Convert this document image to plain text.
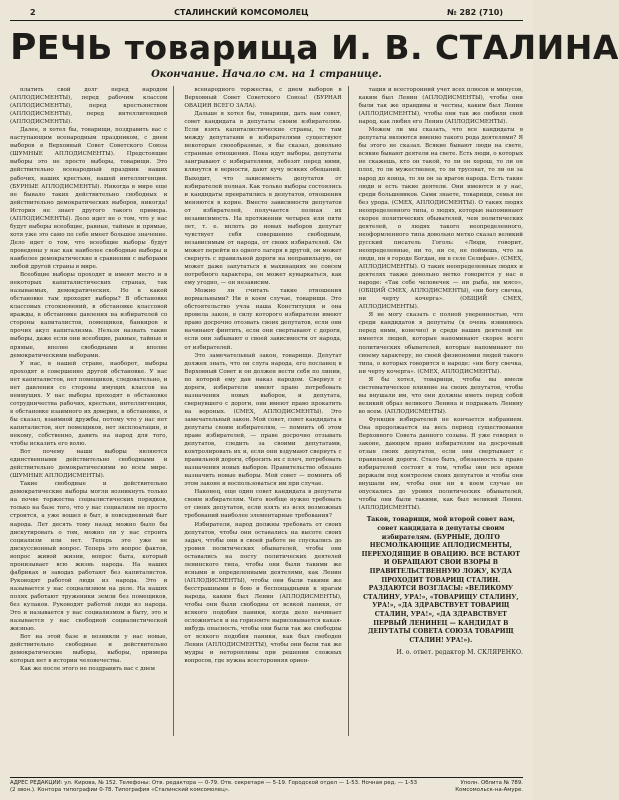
2	СТАЛИНСКИЙ КОМСОМОЛЕЦ	№ 282 (710)
РЕЧЬ товарища И. В. СТАЛИНА
Окончание. Начало см. на 1 странице.

платить свой долг перед народом (АПЛОДИСМЕНТЫ), перед рабочим классом (АПЛОДИСМЕНТЫ), перед крестьянством (АПЛОДИСМЕНТЫ), перед интеллигенцией (АПЛОДИСМЕНТЫ).

Далее, я хотел бы, товарищи, поздравить вас с наступающим всенародным праздником, с днем выборов в Верховный Совет Советского Союза (ШУМНЫЕ АПЛОДИСМЕНТЫ). Предстоящие выборы это не просто выборы, товарищи. Это действительно всенародный праздник наших рабочих, наших крестьян, нашей интеллигенции. (БУРНЫЕ АПЛОДИСМЕНТЫ). Никогда в мире еще не бывало таких действительно свободных и действительно демократических выборов, никогда! История не знает другого такого примера. (АПЛОДИСМЕНТЫ). Дело идет не о том, что у нас будут выборы всеобщие, равные, тайные и прямые, хотя уже это само по себе имеет большое значение. Дело идет о том, что всеобщие выборы будут проведены у нас как наиболее свободные выборы и наиболее демократические в сравнении с выборами любой другой страны в мире.

Всеобщие выборы проходят и имеют место и в некоторых капиталистических странах, так называемых, демократических. Но в какой обстановке там проходят выборы? В обстановке классовых столкновений, в обстановке классовой вражды, в обстановке давления на избирателей со стороны капиталистов, помещиков, банкиров и прочих акул капитализма. Нельзя назвать такие выборы, даже если они всеобщие, равные, тайные и прямые, вполне свободными и вполне демократическими выборами.

У нас, в нашей стране, наоборот, выборы проходят в совершенно другой обстановке. У нас нет капиталистов, нет помещиков, следовательно, и нет давления со стороны имущих классов на неимущих. У нас выборы проходят в обстановке сотрудничества рабочих, крестьян, интеллигенции, в обстановке взаимного их доверия, в обстановке, я бы сказал, взаимной дружбы, потому что у нас нет капиталистов, нет помещиков, нет эксплоатации, и некому, собственно, давить на народ для того, чтобы исказить его волю.

Вот почему наши выборы являются единственными действительно свободными и действительно демократическими во всем мире. (ШУМНЫЕ АПЛОДИСМЕНТЫ).

Такие свободные и действительно демократические выборы могли возникнуть только на почве торжества социалистических порядков, только на базе того, что у нас социализм не просто строится, а уже вошел в быт, в повседневный быт народа. Лет десять тому назад можно было бы дискутировать о том, можно ли у нас строить социализм или нет. Теперь это уже не дискуссионный вопрос. Теперь это вопрос фактов, вопрос живой жизни, вопрос быта, который пронизывает всю жизнь народа. На наших фабриках и заводах работают без капиталистов. Руководят работой люди из народа. Это и называется у нас социализмом на деле. На наших полях работают труженики земли без помещиков, без кулаков. Руководят работой люди из народа. Это и называется у нас социализмом в быту, это и называется у нас свободной социалистической жизнью.

Вот на этой базе и возникли у нас новые, действительно свободные и действительно демократические выборы, выборы, примера которых нет в истории человечества.

Как же после этого не поздравить вас с днем

всенародного торжества, с днем выборов в Верховный Совет Советского Союза! (БУРНАЯ ОВАЦИЯ ВСЕГО ЗАЛА).

Дальше я хотел бы, товарищи, дать вам совет, совет кандидата в депутаты своим избирателям. Если взять капиталистические страны, то там между депутатами и избирателями существуют некоторые своеобразные, я бы сказал, довольно странные отношения. Пока идут выборы, депутаты заигрывают с избирателями, лебезят перед ними, клянутся в верности, дают кучу всяких обещаний. Выходит, что зависимость депутатов от избирателей полная. Как только выборы состоялись и кандидаты превратились в депутатов, отношения меняются в корне. Вместо зависимости депутатов от избирателей, получается полная их независимость. На протяжении четырех или пяти лет, т. е. вплоть до новых выборов депутат чувствует себя совершенно свободным, независимым от народа, от своих избирателей. Он может перейти из одного лагеря в другой, он может свернуть с правильной дороги на неправильную, он может даже запутаться в махинациях не совсем потребного характера, он может кувыркаться, как ему угодно, — он независим.

Можно ли считать такие отношения нормальными? Ни в коем случае, товарищи. Это обстоятельство учла наша Конституция и она провела закон, в силу которого избиратели имеют право досрочно отозвать своих депутатов, если они начинают финтить, если они свертывают с дороги, если они забывают о своей зависимости от народа, от избирателей.

Это замечательный закон, товарищи. Депутат должен знать, что он слуга народа, его посланец в Верховный Совет и он должен вести себя по линии, по которой ему дан наказ народом. Свернул с дороги, избиратели имеют право потребовать назначения новых выборов, и депутата, свернувшего с дороги, они имеют право прокатить на вороных. (СМЕХ, АПЛОДИСМЕНТЫ). Это замечательный закон. Мой совет, совет кандидата в депутаты своим избирателям, — помнить об этом праве избирателей, — праве досрочно отзывать депутатов, следить за своими депутатами, контролировать их и, если они вздумают свернуть с правильной дороги, сбросить их с плеч, потребовать назначения новых выборов. Правительство обязано назначить новые выборы. Мой совет — помнить об этом законе и воспользоваться им при случае.

Наконец, еще один совет кандидата в депутаты своим избирателям. Чего вообще нужно требовать от своих депутатов, если взять из всех возможных требований наиболее элементарные требования?

Избиратели, народ должны требовать от своих депутатов, чтобы они оставались на высоте своих задач, чтобы они в своей работе не спускались до уровня политических обывателей, чтобы они оставались на посту политических деятелей ленинского типа, чтобы они были такими же ясными и определенными деятелями, как Ленин (АПЛОДИСМЕНТЫ), чтобы они были такими же бесстрашными в бою и беспощадными к врагам народа, каким был Ленин (АПЛОДИСМЕНТЫ), чтобы они были свободны от всякой паники, от всякого подобия паники, когда дело начинает осложняться и на горизонте вырисовывается какая-нибудь опасность, чтобы они были так же свободны от всякого подобия паники, как был свободен Ленин (АПЛОДИСМЕНТЫ), чтобы они были так же мудры и неторопливы при решении сложных вопросов, где нужна всесторонняя ориен-

тация и всесторонний учет всех плюсов и минусов, каким был Ленин (АПЛОДИСМЕНТЫ), чтобы они были так же правдивы и честны, каким был Ленин (АПЛОДИСМЕНТЫ), чтобы они так же любили свой народ, как любил его Ленин (АПЛОДИСМЕНТЫ).

Можем ли мы сказать, что все кандидаты в депутаты являются именно такого рода деятелями? Я бы этого не сказал. Всякие бывают люди на свете, всякие бывают деятели на свете. Есть люди, о которых не скажешь, кто он такой, то ли он хорош, то ли он плох, то ли мужественен, то ли трусоват, то ли он за народ до конца, то ли он за врагов народа. Есть такие люди и есть такие деятели. Они имеются и у нас, среди большевиков. Сами знаете, товарищи, семья не без урода. (СМЕХ, АПЛОДИСМЕНТЫ). О таких людях неопределенного типа, о людях, которые напоминают скорее политических обывателей, чем политических деятелей, о людях такого неопределенного, неоформленного типа довольно метко сказал великий русский писатель Гоголь: «Люди, говорит, неопределенные, ни то, ни се, не поймешь, что за люди, ни в городе Богдан, ни в селе Селифан». (СМЕХ, АПЛОДИСМЕНТЫ). О таких неопределенных людях и деятелях также довольно метко говорится у нас в народе: «Так себе человечек — ни рыба, ни мясо», (ОБЩИЙ СМЕХ, АПЛОДИСМЕНТЫ), «ни богу свечка, ни черту кочерга». (ОБЩИЙ СМЕХ, АПЛОДИСМЕНТЫ).

Я не могу сказать с полной уверенностью, что среди кандидатов в депутаты (я очень извиняюсь перед ними, конечно) и среди наших деятелей не имеется людей, которые напоминают скорее всего политических обывателей, которые напоминают по своему характеру, по своей физиономии людей такого типа, о которых говорится в народе: «ни богу свечка, ни черту кочерга». (СМЕХ, АПЛОДИСМЕНТЫ).

Я бы хотел, товарищи, чтобы вы имели систематическое влияние на своих депутатов, чтобы вы внушали им, что они должны иметь перед собой великий образ великого Ленина и подражать Ленину во всем. (АПЛОДИСМЕНТЫ).

Функция избирателей не кончается избранием. Она продолжается на весь период существования Верховного Совета данного созыва. Я уже говорил о законе, дающем право избирателям на досрочный отзыв своих депутатов, если они свертывают с правильной дороги. Стало быть, обязанность и право избирателей состоят в том, чтобы они все время держали под контролем своих депутатов и чтобы они внушали им, чтобы они ни в коем случае не опускались до уровня политических обывателей, чтобы они были такими, как был великий Ленин. (АПЛОДИСМЕНТЫ).

Таков, товарищи, мой второй совет вам, совет кандидата в депутаты своим избирателям. (БУРНЫЕ, ДОЛГО НЕСМОЛКАЮЩИЕ АПЛОДИСМЕНТЫ, ПЕРЕХОДЯЩИЕ В ОВАЦИЮ. ВСЕ ВСТАЮТ И ОБРАЩАЮТ СВОИ ВЗОРЫ В ПРАВИТЕЛЬСТВЕННУЮ ЛОЖУ, КУДА ПРОХОДИТ ТОВАРИЩ СТАЛИН. РАЗДАЮТСЯ ВОЗГЛАСЫ: «ВЕЛИКОМУ СТАЛИНУ, УРА!», «ТОВАРИЩУ СТАЛИНУ, УРА!», «ДА ЗДРАВСТВУЕТ ТОВАРИЩ СТАЛИН, УРА!», «ДА ЗДРАВСТВУЕТ ПЕРВЫЙ ЛЕНИНЕЦ — КАНДИДАТ В ДЕПУТАТЫ СОВЕТА СОЮЗА ТОВАРИЩ СТАЛИН! УРА!»).

И. о. ответ. редактор М. СКЛЯРЕНКО.

АДРЕС РЕДАКЦИИ: ул. Кирова, № 152. Телефоны: Отв. редактора — 0-79. Отв. секретаря — 5-19. Городской отдел — 1-53. Ночная ред. — 1-53 (2 звон.). Контора типографии 0-78. Типография «Сталинский комсомолец».
Уполн. Облита № 789. Комсомольск-на-Амуре.
